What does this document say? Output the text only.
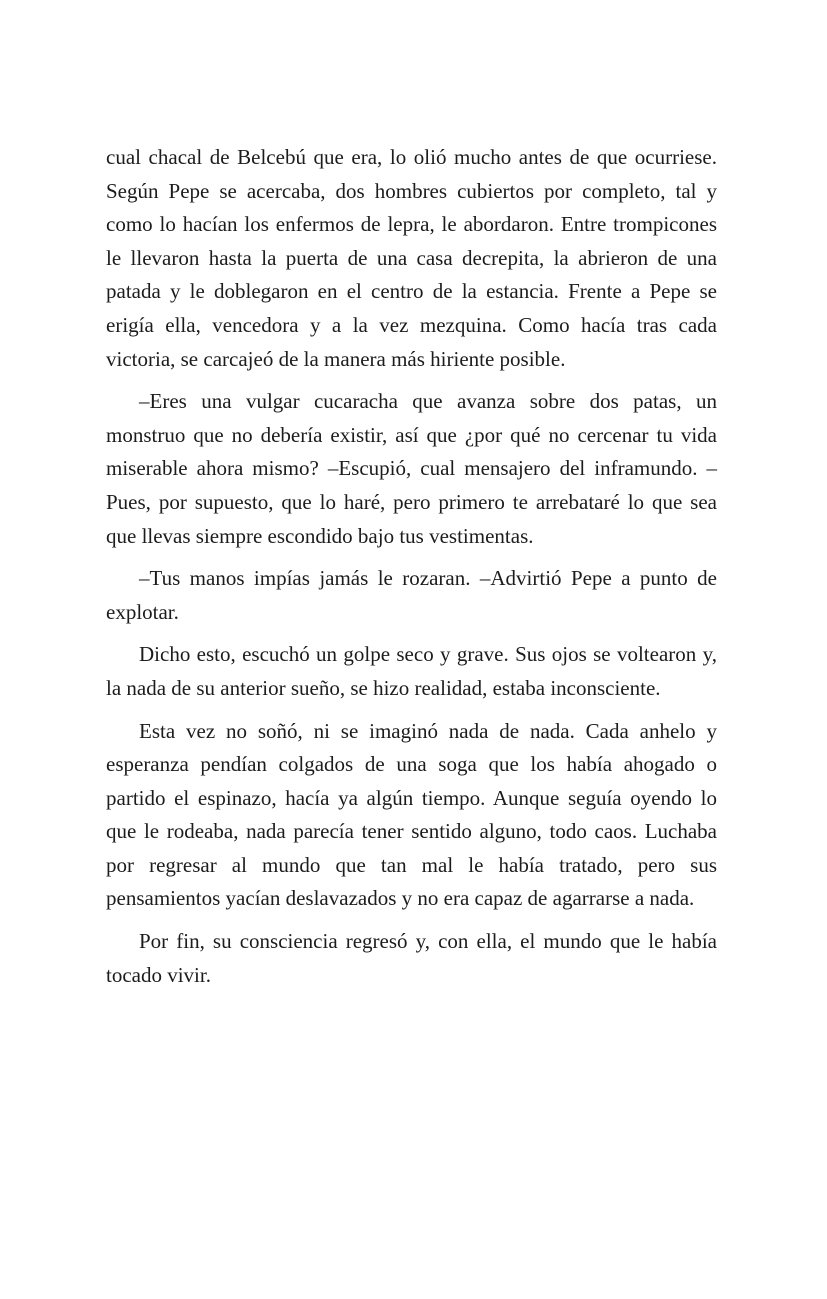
cual chacal de Belcebú que era, lo olió mucho antes de que ocurriese. Según Pepe se acercaba, dos hombres cubiertos por completo, tal y como lo hacían los enfermos de lepra, le abordaron. Entre trompicones le llevaron hasta la puerta de una casa decrepita, la abrieron de una patada y le doblegaron en el centro de la estancia. Frente a Pepe se erigía ella, vencedora y a la vez mezquina. Como hacía tras cada victoria, se carcajeó de la manera más hiriente posible.

–Eres una vulgar cucaracha que avanza sobre dos patas, un monstruo que no debería existir, así que ¿por qué no cercenar tu vida miserable ahora mismo? –Escupió, cual mensajero del inframundo. –Pues, por supuesto, que lo haré, pero primero te arrebataré lo que sea que llevas siempre escondido bajo tus vestimentas.

–Tus manos impías jamás le rozaran. –Advirtió Pepe a punto de explotar.

Dicho esto, escuchó un golpe seco y grave. Sus ojos se voltearon y, la nada de su anterior sueño, se hizo realidad, estaba inconsciente.

Esta vez no soñó, ni se imaginó nada de nada. Cada anhelo y esperanza pendían colgados de una soga que los había ahogado o partido el espinazo, hacía ya algún tiempo. Aunque seguía oyendo lo que le rodeaba, nada parecía tener sentido alguno, todo caos. Luchaba por regresar al mundo que tan mal le había tratado, pero sus pensamientos yacían deslavazados y no era capaz de agarrarse a nada.

Por fin, su consciencia regresó y, con ella, el mundo que le había tocado vivir.
